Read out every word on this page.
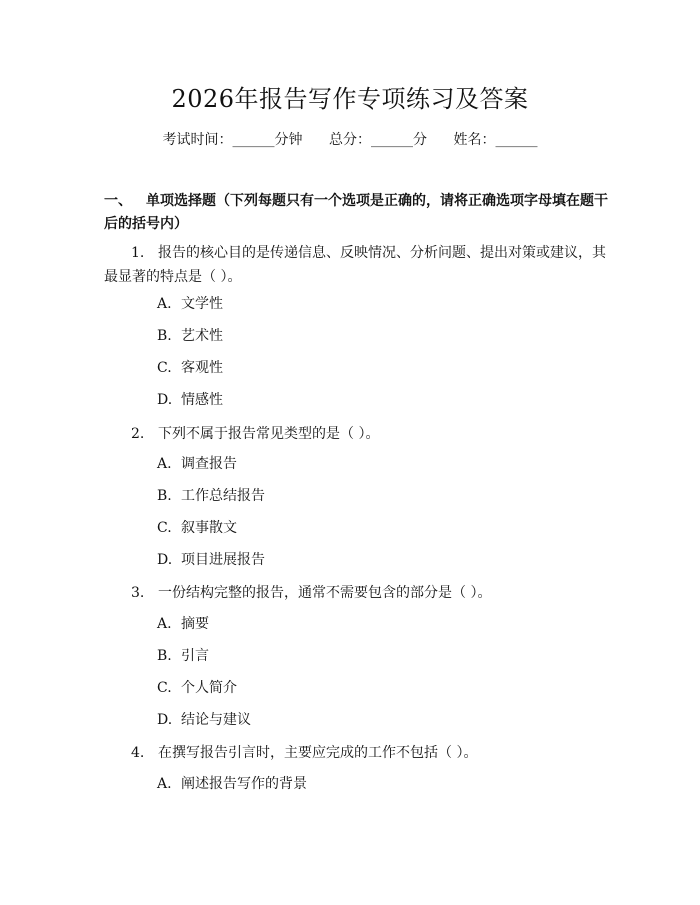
2026年报告写作专项练习及答案
考试时间：______分钟 总分：______分 姓名：______
一、 单项选择题（下列每题只有一个选项是正确的，请将正确选项字母填在题干后的括号内）
1. 报告的核心目的是传递信息、反映情况、分析问题、提出对策或建议，其最显著的特点是（ ）。
A. 文学性
B. 艺术性
C. 客观性
D. 情感性
2. 下列不属于报告常见类型的是（ ）。
A. 调查报告
B. 工作总结报告
C. 叙事散文
D. 项目进展报告
3. 一份结构完整的报告，通常不需要包含的部分是（ ）。
A. 摘要
B. 引言
C. 个人简介
D. 结论与建议
4. 在撰写报告引言时，主要应完成的工作不包括（ ）。
A. 阐述报告写作的背景
